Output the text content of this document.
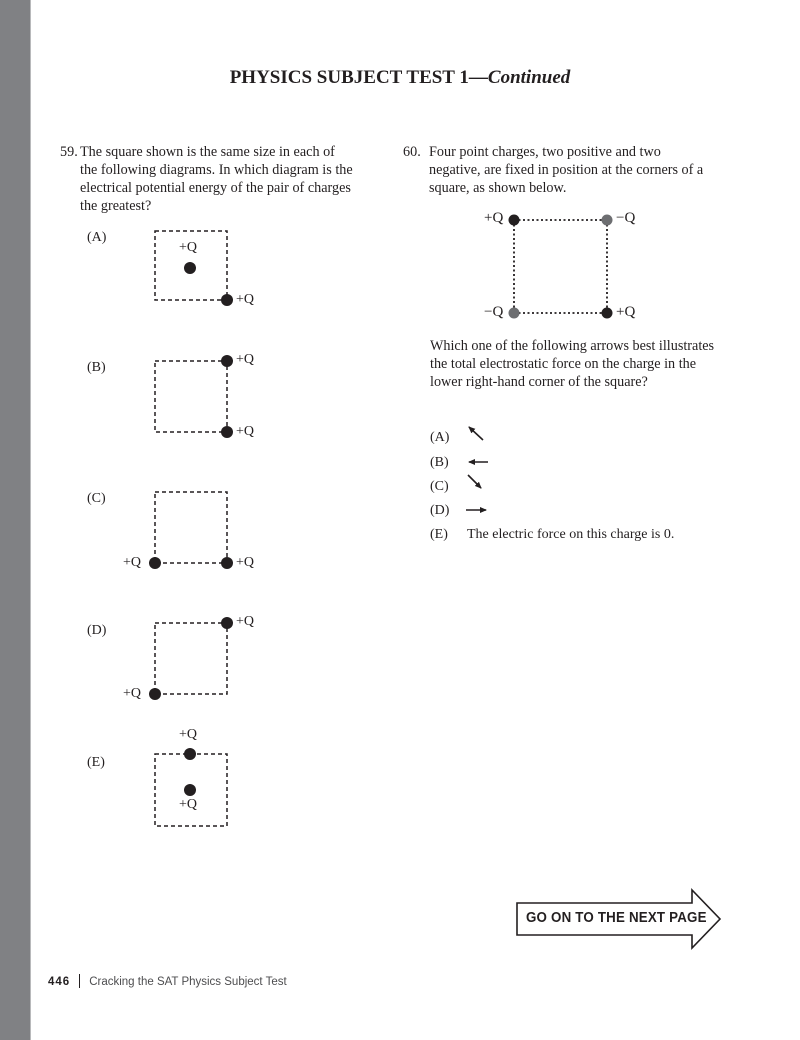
PHYSICS SUBJECT TEST 1—Continued
59. The square shown is the same size in each of
the following diagrams. In which diagram is the
electrical potential energy of the pair of charges
the greatest?
(A)
(B)
(C)
(D)
(E)
+Q
+Q
+Q
+Q
+Q	+Q
+Q
+Q
+Q
+Q
60. Four point charges, two positive and two
negative, are fixed in position at the corners of a
square, as shown below.
+Q	−Q
−Q	+Q
Which one of the following arrows best illustrates
the total electrostatic force on the charge in the
lower right-hand corner of the square?
(A)
(B)
(C)
(D)
(E) The electric force on this charge is 0.
GO ON TO THE NEXT PAGE
446 Cracking the SAT Physics Subject Test
